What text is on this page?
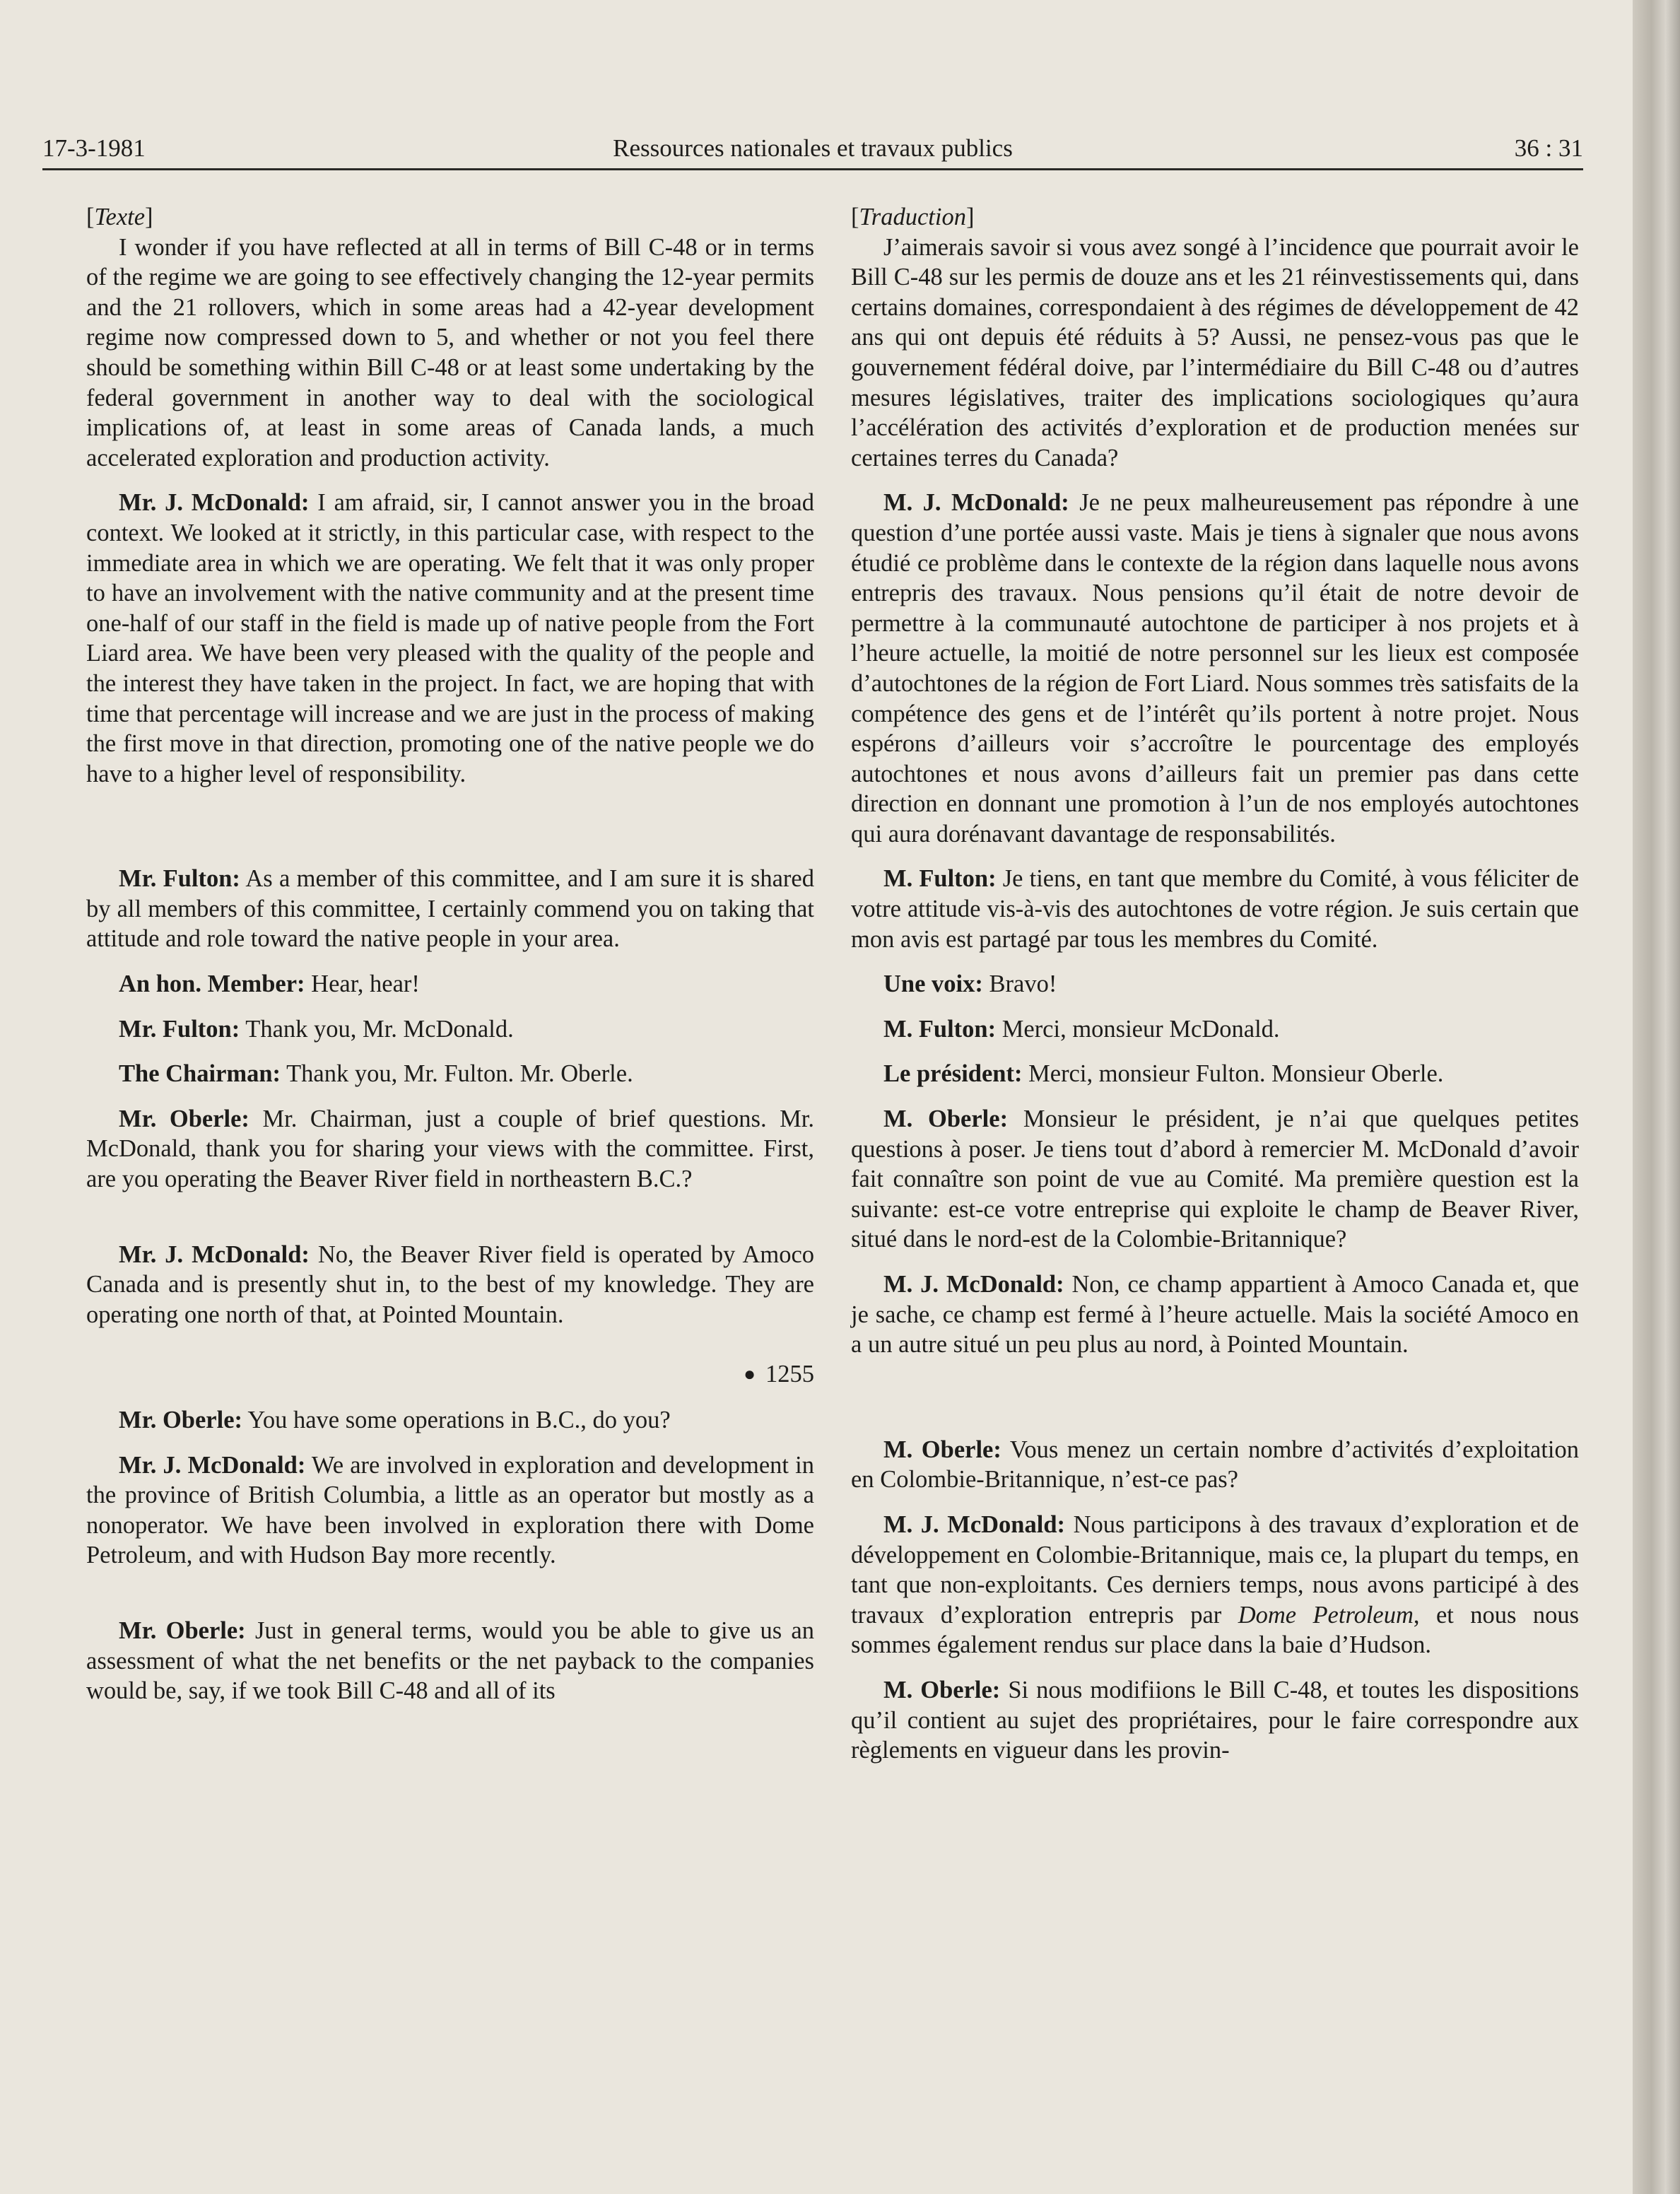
17-3-1981	Ressources nationales et travaux publics	36 : 31

[Texte]

I wonder if you have reflected at all in terms of Bill C-48 or in terms of the regime we are going to see effectively changing the 12-year permits and the 21 rollovers, which in some areas had a 42-year development regime now compressed down to 5, and whether or not you feel there should be something within Bill C-48 or at least some undertaking by the federal government in another way to deal with the sociological implications of, at least in some areas of Canada lands, a much accelerated exploration and production activity.

Mr. J. McDonald: I am afraid, sir, I cannot answer you in the broad context. We looked at it strictly, in this particular case, with respect to the immediate area in which we are operating. We felt that it was only proper to have an involvement with the native community and at the present time one-half of our staff in the field is made up of native people from the Fort Liard area. We have been very pleased with the quality of the people and the interest they have taken in the project. In fact, we are hoping that with time that percentage will increase and we are just in the process of making the first move in that direction, promoting one of the native people we do have to a higher level of responsibility.

Mr. Fulton: As a member of this committee, and I am sure it is shared by all members of this committee, I certainly commend you on taking that attitude and role toward the native people in your area.

An hon. Member: Hear, hear!

Mr. Fulton: Thank you, Mr. McDonald.

The Chairman: Thank you, Mr. Fulton. Mr. Oberle.

Mr. Oberle: Mr. Chairman, just a couple of brief questions. Mr. McDonald, thank you for sharing your views with the committee. First, are you operating the Beaver River field in northeastern B.C.?

Mr. J. McDonald: No, the Beaver River field is operated by Amoco Canada and is presently shut in, to the best of my knowledge. They are operating one north of that, at Pointed Mountain.

● 1255

Mr. Oberle: You have some operations in B.C., do you?

Mr. J. McDonald: We are involved in exploration and development in the province of British Columbia, a little as an operator but mostly as a nonoperator. We have been involved in exploration there with Dome Petroleum, and with Hudson Bay more recently.

Mr. Oberle: Just in general terms, would you be able to give us an assessment of what the net benefits or the net payback to the companies would be, say, if we took Bill C-48 and all of its

[Traduction]

J’aimerais savoir si vous avez songé à l’incidence que pourrait avoir le Bill C-48 sur les permis de douze ans et les 21 réinvestissements qui, dans certains domaines, correspondaient à des régimes de développement de 42 ans qui ont depuis été réduits à 5? Aussi, ne pensez-vous pas que le gouvernement fédéral doive, par l’intermédiaire du Bill C-48 ou d’autres mesures législatives, traiter des implications sociologiques qu’aura l’accélération des activités d’exploration et de production menées sur certaines terres du Canada?

M. J. McDonald: Je ne peux malheureusement pas répondre à une question d’une portée aussi vaste. Mais je tiens à signaler que nous avons étudié ce problème dans le contexte de la région dans laquelle nous avons entrepris des travaux. Nous pensions qu’il était de notre devoir de permettre à la communauté autochtone de participer à nos projets et à l’heure actuelle, la moitié de notre personnel sur les lieux est composée d’autochtones de la région de Fort Liard. Nous sommes très satisfaits de la compétence des gens et de l’intérêt qu’ils portent à notre projet. Nous espérons d’ailleurs voir s’accroître le pourcentage des employés autochtones et nous avons d’ailleurs fait un premier pas dans cette direction en donnant une promotion à l’un de nos employés autochtones qui aura dorénavant davantage de responsabilités.

M. Fulton: Je tiens, en tant que membre du Comité, à vous féliciter de votre attitude vis-à-vis des autochtones de votre région. Je suis certain que mon avis est partagé par tous les membres du Comité.

Une voix: Bravo!

M. Fulton: Merci, monsieur McDonald.

Le président: Merci, monsieur Fulton. Monsieur Oberle.

M. Oberle: Monsieur le président, je n’ai que quelques petites questions à poser. Je tiens tout d’abord à remercier M. McDonald d’avoir fait connaître son point de vue au Comité. Ma première question est la suivante: est-ce votre entreprise qui exploite le champ de Beaver River, situé dans le nord-est de la Colombie-Britannique?

M. J. McDonald: Non, ce champ appartient à Amoco Canada et, que je sache, ce champ est fermé à l’heure actuelle. Mais la société Amoco en a un autre situé un peu plus au nord, à Pointed Mountain.

M. Oberle: Vous menez un certain nombre d’activités d’exploitation en Colombie-Britannique, n’est-ce pas?

M. J. McDonald: Nous participons à des travaux d’exploration et de développement en Colombie-Britannique, mais ce, la plupart du temps, en tant que non-exploitants. Ces derniers temps, nous avons participé à des travaux d’exploration entrepris par Dome Petroleum, et nous nous sommes également rendus sur place dans la baie d’Hudson.

M. Oberle: Si nous modifiions le Bill C-48, et toutes les dispositions qu’il contient au sujet des propriétaires, pour le faire correspondre aux règlements en vigueur dans les provin-
